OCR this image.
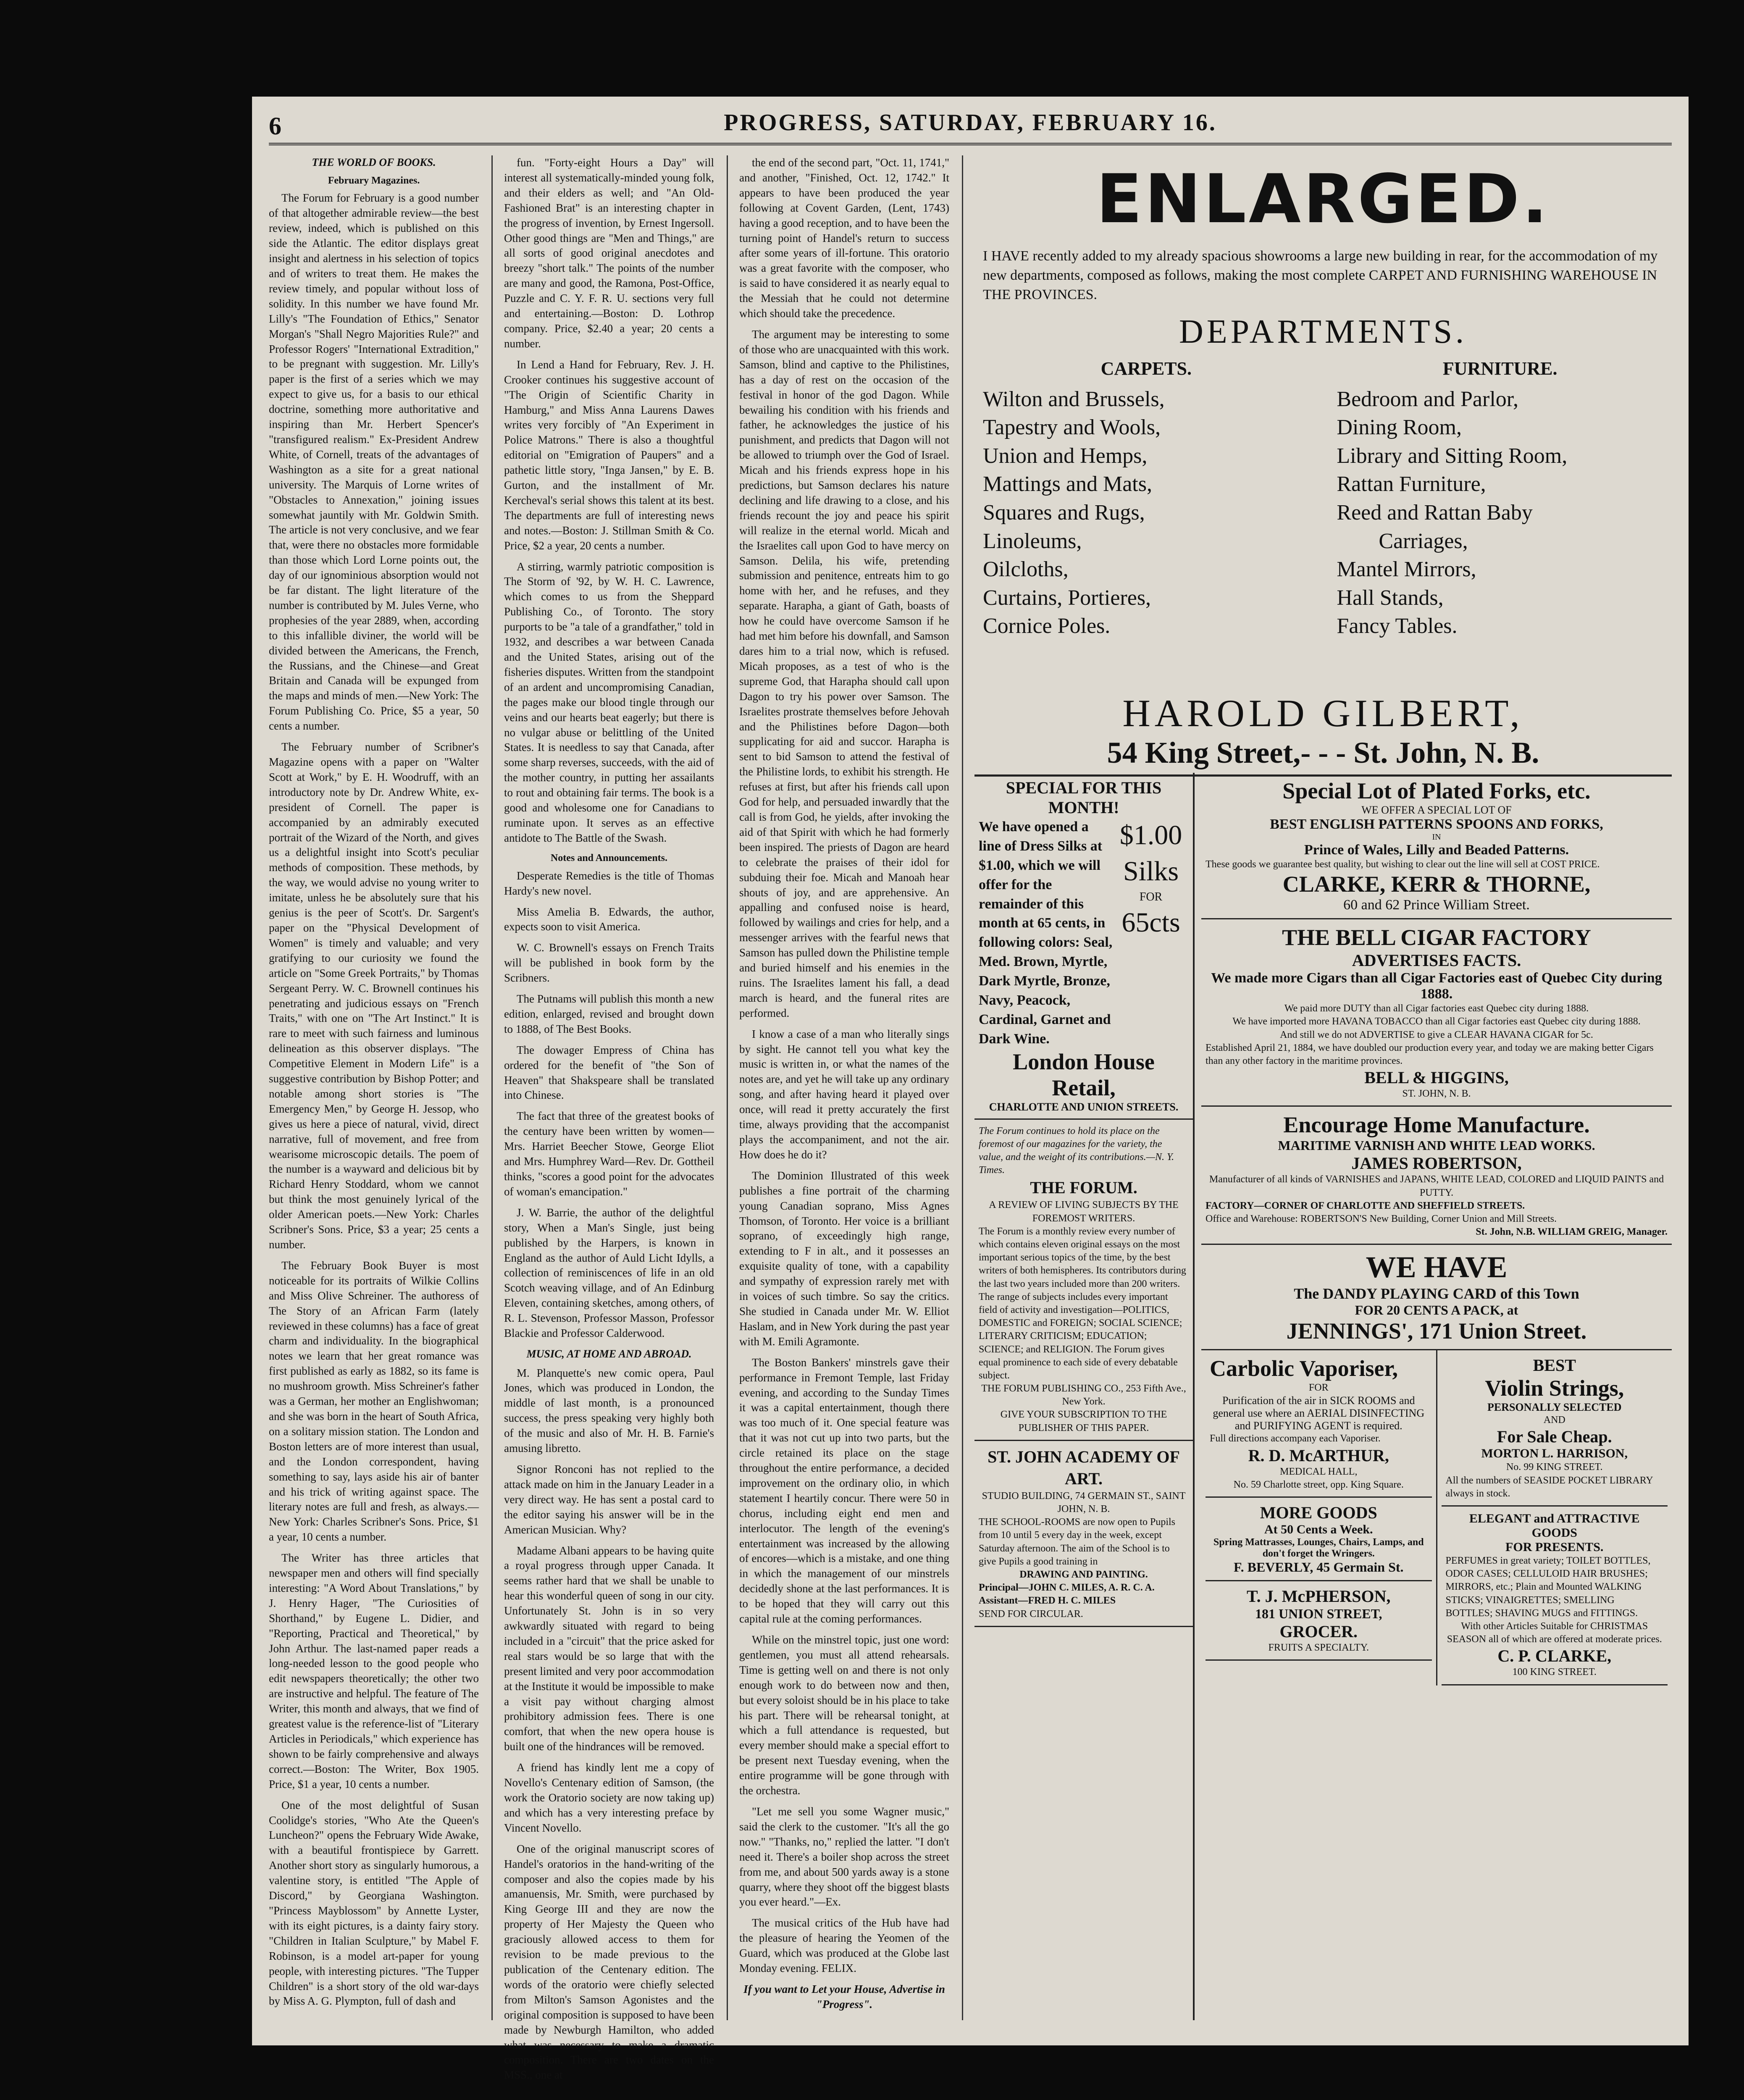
6	PROGRESS, SATURDAY, FEBRUARY 16.
THE WORLD OF BOOKS.
February Magazines.

The Forum for February is a good number of that altogether admirable review—the best review, indeed, which is published on this side the Atlantic. The editor displays great insight and alertness in his selection of topics and of writers to treat them. He makes the review timely, and popular without loss of solidity. In this number we have found Mr. Lilly's "The Foundation of Ethics," Senator Morgan's "Shall Negro Majorities Rule?" and Professor Rogers' "International Extradition," to be pregnant with suggestion. Mr. Lilly's paper is the first of a series which we may expect to give us, for a basis to our ethical doctrine, something more authoritative and inspiring than Mr. Herbert Spencer's "transfigured realism." Ex-President Andrew White, of Cornell, treats of the advantages of Washington as a site for a great national university. The Marquis of Lorne writes of "Obstacles to Annexation," joining issues somewhat jauntily with Mr. Goldwin Smith. The article is not very conclusive, and we fear that, were there no obstacles more formidable than those which Lord Lorne points out, the day of our ignominious absorption would not be far distant. The light literature of the number is contributed by M. Jules Verne, who prophesies of the year 2889, when, according to this infallible diviner, the world will be divided between the Americans, the French, the Russians, and the Chinese—and Great Britain and Canada will be expunged from the maps and minds of men.—New York: The Forum Publishing Co. Price, $5 a year, 50 cents a number.

The February number of Scribner's Magazine opens with a paper on "Walter Scott at Work," by E. H. Woodruff, with an introductory note by Dr. Andrew White, ex-president of Cornell. The paper is accompanied by an admirably executed portrait of the Wizard of the North, and gives us a delightful insight into Scott's peculiar methods of composition. These methods, by the way, we would advise no young writer to imitate, unless he be absolutely sure that his genius is the peer of Scott's. Dr. Sargent's paper on the "Physical Development of Women" is timely and valuable; and very gratifying to our curiosity we found the article on "Some Greek Portraits," by Thomas Sergeant Perry. W. C. Brownell continues his penetrating and judicious essays on "French Traits," with one on "The Art Instinct." It is rare to meet with such fairness and luminous delineation as this observer displays. "The Competitive Element in Modern Life" is a suggestive contribution by Bishop Potter; and notable among short stories is "The Emergency Men," by George H. Jessop, who gives us here a piece of natural, vivid, direct narrative, full of movement, and free from wearisome microscopic details. The poem of the number is a wayward and delicious bit by Richard Henry Stoddard, whom we cannot but think the most genuinely lyrical of the older American poets.—New York: Charles Scribner's Sons. Price, $3 a year; 25 cents a number.

The February Book Buyer is most noticeable for its portraits of Wilkie Collins and Miss Olive Schreiner. The authoress of The Story of an African Farm (lately reviewed in these columns) has a face of great charm and individuality. In the biographical notes we learn that her great romance was first published as early as 1882, so its fame is no mushroom growth. Miss Schreiner's father was a German, her mother an Englishwoman; and she was born in the heart of South Africa, on a solitary mission station. The London and Boston letters are of more interest than usual, and the London correspondent, having something to say, lays aside his air of banter and his trick of writing against space. The literary notes are full and fresh, as always.—New York: Charles Scribner's Sons. Price, $1 a year, 10 cents a number.

The Writer has three articles that newspaper men and others will find specially interesting: "A Word About Translations," by J. Henry Hager, "The Curiosities of Shorthand," by Eugene L. Didier, and "Reporting, Practical and Theoretical," by John Arthur. The last-named paper reads a long-needed lesson to the good people who edit newspapers theoretically; the other two are instructive and helpful. The feature of The Writer, this month and always, that we find of greatest value is the reference-list of "Literary Articles in Periodicals," which experience has shown to be fairly comprehensive and always correct.—Boston: The Writer, Box 1905. Price, $1 a year, 10 cents a number.

One of the most delightful of Susan Coolidge's stories, "Who Ate the Queen's Luncheon?" opens the February Wide Awake, with a beautiful frontispiece by Garrett. Another short story as singularly humorous, a valentine story, is entitled "The Apple of Discord," by Georgiana Washington. "Princess Mayblossom" by Annette Lyster, with its eight pictures, is a dainty fairy story. "Children in Italian Sculpture," by Mabel F. Robinson, is a model art-paper for young people, with interesting pictures. "The Tupper Children" is a short story of the old war-days by Miss A. G. Plympton, full of dash and

fun. "Forty-eight Hours a Day" will interest all systematically-minded young folk, and their elders as well; and "An Old-Fashioned Brat" is an interesting chapter in the progress of invention, by Ernest Ingersoll. Other good things are "Men and Things," are all sorts of good original anecdotes and breezy "short talk." The points of the number are many and good, the Ramona, Post-Office, Puzzle and C. Y. F. R. U. sections very full and entertaining.—Boston: D. Lothrop company. Price, $2.40 a year; 20 cents a number.

In Lend a Hand for February, Rev. J. H. Crooker continues his suggestive account of "The Origin of Scientific Charity in Hamburg," and Miss Anna Laurens Dawes writes very forcibly of "An Experiment in Police Matrons." There is also a thoughtful editorial on "Emigration of Paupers" and a pathetic little story, "Inga Jansen," by E. B. Gurton, and the installment of Mr. Kercheval's serial shows this talent at its best. The departments are full of interesting news and notes.—Boston: J. Stillman Smith & Co. Price, $2 a year, 20 cents a number.

A stirring, warmly patriotic composition is The Storm of '92, by W. H. C. Lawrence, which comes to us from the Sheppard Publishing Co., of Toronto. The story purports to be "a tale of a grandfather," told in 1932, and describes a war between Canada and the United States, arising out of the fisheries disputes. Written from the standpoint of an ardent and uncompromising Canadian, the pages make our blood tingle through our veins and our hearts beat eagerly; but there is no vulgar abuse or belittling of the United States. It is needless to say that Canada, after some sharp reverses, succeeds, with the aid of the mother country, in putting her assailants to rout and obtaining fair terms. The book is a good and wholesome one for Canadians to ruminate upon. It serves as an effective antidote to The Battle of the Swash.

Notes and Announcements.

Desperate Remedies is the title of Thomas Hardy's new novel.

Miss Amelia B. Edwards, the author, expects soon to visit America.

W. C. Brownell's essays on French Traits will be published in book form by the Scribners.

The Putnams will publish this month a new edition, enlarged, revised and brought down to 1888, of The Best Books.

The dowager Empress of China has ordered for the benefit of "the Son of Heaven" that Shakspeare shall be translated into Chinese.

The fact that three of the greatest books of the century have been written by women—Mrs. Harriet Beecher Stowe, George Eliot and Mrs. Humphrey Ward—Rev. Dr. Gottheil thinks, "scores a good point for the advocates of woman's emancipation."

J. W. Barrie, the author of the delightful story, When a Man's Single, just being published by the Harpers, is known in England as the author of Auld Licht Idylls, a collection of reminiscences of life in an old Scotch weaving village, and of An Edinburg Eleven, containing sketches, among others, of R. L. Stevenson, Professor Masson, Professor Blackie and Professor Calderwood.

MUSIC, AT HOME AND ABROAD.

M. Planquette's new comic opera, Paul Jones, which was produced in London, the middle of last month, is a pronounced success, the press speaking very highly both of the music and also of Mr. H. B. Farnie's amusing libretto.

Signor Ronconi has not replied to the attack made on him in the January Leader in a very direct way. He has sent a postal card to the editor saying his answer will be in the American Musician. Why?

Madame Albani appears to be having quite a royal progress through upper Canada. It seems rather hard that we shall be unable to hear this wonderful queen of song in our city. Unfortunately St. John is in so very awkwardly situated with regard to being included in a "circuit" that the price asked for real stars would be so large that with the present limited and very poor accommodation at the Institute it would be impossible to make a visit pay without charging almost prohibitory admission fees. There is one comfort, that when the new opera house is built one of the hindrances will be removed.

A friend has kindly lent me a copy of Novello's Centenary edition of Samson, (the work the Oratorio society are now taking up) and which has a very interesting preface by Vincent Novello.

One of the original manuscript scores of Handel's oratorios in the hand-writing of the composer and also the copies made by his amanuensis, Mr. Smith, were purchased by King George III and they are now the property of Her Majesty the Queen who graciously allowed access to them for revision to be made previous to the publication of the Centenary edition. The words of the oratorio were chiefly selected from Milton's Samson Agonistes and the original composition is supposed to have been made by Newburgh Hamilton, who added what was necessary to make a dramatic composition. There are two dates on the MSS., one at

the end of the second part, "Oct. 11, 1741," and another, "Finished, Oct. 12, 1742." It appears to have been produced the year following at Covent Garden, (Lent, 1743) having a good reception, and to have been the turning point of Handel's return to success after some years of ill-fortune. This oratorio was a great favorite with the composer, who is said to have considered it as nearly equal to the Messiah that he could not determine which should take the precedence.

The argument may be interesting to some of those who are unacquainted with this work. Samson, blind and captive to the Philistines, has a day of rest on the occasion of the festival in honor of the god Dagon. While bewailing his condition with his friends and father, he acknowledges the justice of his punishment, and predicts that Dagon will not be allowed to triumph over the God of Israel. Micah and his friends express hope in his predictions, but Samson declares his nature declining and life drawing to a close, and his friends recount the joy and peace his spirit will realize in the eternal world. Micah and the Israelites call upon God to have mercy on Samson. Delila, his wife, pretending submission and penitence, entreats him to go home with her, and he refuses, and they separate. Harapha, a giant of Gath, boasts of how he could have overcome Samson if he had met him before his downfall, and Samson dares him to a trial now, which is refused. Micah proposes, as a test of who is the supreme God, that Harapha should call upon Dagon to try his power over Samson. The Israelites prostrate themselves before Jehovah and the Philistines before Dagon—both supplicating for aid and succor. Harapha is sent to bid Samson to attend the festival of the Philistine lords, to exhibit his strength. He refuses at first, but after his friends call upon God for help, and persuaded inwardly that the call is from God, he yields, after invoking the aid of that Spirit with which he had formerly been inspired. The priests of Dagon are heard to celebrate the praises of their idol for subduing their foe. Micah and Manoah hear shouts of joy, and are apprehensive. An appalling and confused noise is heard, followed by wailings and cries for help, and a messenger arrives with the fearful news that Samson has pulled down the Philistine temple and buried himself and his enemies in the ruins. The Israelites lament his fall, a dead march is heard, and the funeral rites are performed.

I know a case of a man who literally sings by sight. He cannot tell you what key the music is written in, or what the names of the notes are, and yet he will take up any ordinary song, and after having heard it played over once, will read it pretty accurately the first time, always providing that the accompanist plays the accompaniment, and not the air. How does he do it?

The Dominion Illustrated of this week publishes a fine portrait of the charming young Canadian soprano, Miss Agnes Thomson, of Toronto. Her voice is a brilliant soprano, of exceedingly high range, extending to F in alt., and it possesses an exquisite quality of tone, with a capability and sympathy of expression rarely met with in voices of such timbre. So say the critics. She studied in Canada under Mr. W. Elliot Haslam, and in New York during the past year with M. Emili Agramonte.

The Boston Bankers' minstrels gave their performance in Fremont Temple, last Friday evening, and according to the Sunday Times it was a capital entertainment, though there was too much of it. One special feature was that it was not cut up into two parts, but the circle retained its place on the stage throughout the entire performance, a decided improvement on the ordinary olio, in which statement I heartily concur. There were 50 in chorus, including eight end men and interlocutor. The length of the evening's entertainment was increased by the allowing of encores—which is a mistake, and one thing in which the management of our minstrels decidedly shone at the last performances. It is to be hoped that they will carry out this capital rule at the coming performances.

While on the minstrel topic, just one word: gentlemen, you must all attend rehearsals. Time is getting well on and there is not only enough work to do between now and then, but every soloist should be in his place to take his part. There will be rehearsal tonight, at which a full attendance is requested, but every member should make a special effort to be present next Tuesday evening, when the entire programme will be gone through with the orchestra.

"Let me sell you some Wagner music," said the clerk to the customer. "It's all the go now." "Thanks, no," replied the latter. "I don't need it. There's a boiler shop across the street from me, and about 500 yards away is a stone quarry, where they shoot off the biggest blasts you ever heard."—Ex.

The musical critics of the Hub have had the pleasure of hearing the Yeomen of the Guard, which was produced at the Globe last Monday evening. FELIX.

If you want to Let your House, Advertise in "Progress".

ENLARGED.
I HAVE recently added to my already spacious showrooms a large new building in rear, for the accommodation of my new departments, composed as follows, making the most complete CARPET AND FURNISHING WAREHOUSE IN THE PROVINCES.
DEPARTMENTS.
CARPETS.
Wilton and Brussels,
Tapestry and Wools,
Union and Hemps,
Mattings and Mats,
Squares and Rugs,
Linoleums,
Oilcloths,
Curtains, Portieres,
Cornice Poles.
FURNITURE.
Bedroom and Parlor,
Dining Room,
Library and Sitting Room,
Rattan Furniture,
Reed and Rattan Baby
Carriages,
Mantel Mirrors,
Hall Stands,
Fancy Tables.
HAROLD GILBERT,
54 King Street,- - - St. John, N. B.
SPECIAL FOR THIS MONTH!
We have opened a line of Dress Silks at $1.00, which we will offer for the remainder of this month at 65 cents, in following colors: Seal, Med. Brown, Myrtle, Dark Myrtle, Bronze, Navy, Peacock, Cardinal, Garnet and Dark Wine.
$1.00
Silks
FOR
65cts
London House Retail,
CHARLOTTE AND UNION STREETS.
The Forum continues to hold its place on the foremost of our magazines for the variety, the value, and the weight of its contributions.—N. Y. Times.
THE FORUM.
A REVIEW OF LIVING SUBJECTS BY THE FOREMOST WRITERS.
The Forum is a monthly review every number of which contains eleven original essays on the most important serious topics of the time, by the best writers of both hemispheres. Its contributors during the last two years included more than 200 writers. The range of subjects includes every important field of activity and investigation—POLITICS, DOMESTIC and FOREIGN; SOCIAL SCIENCE; LITERARY CRITICISM; EDUCATION; SCIENCE; and RELIGION. The Forum gives equal prominence to each side of every debatable subject.
THE FORUM PUBLISHING CO., 253 Fifth Ave., New York.
GIVE YOUR SUBSCRIPTION TO THE PUBLISHER OF THIS PAPER.
ST. JOHN ACADEMY OF ART.
STUDIO BUILDING, 74 GERMAIN ST., SAINT JOHN, N. B.
THE SCHOOL-ROOMS are now open to Pupils from 10 until 5 every day in the week, except Saturday afternoon. The aim of the School is to give Pupils a good training in
DRAWING AND PAINTING.
Principal—JOHN C. MILES, A. R. C. A.
Assistant—FRED H. C. MILES
SEND FOR CIRCULAR.
Special Lot of Plated Forks, etc.
WE OFFER A SPECIAL LOT OF
BEST ENGLISH PATTERNS SPOONS AND FORKS,
IN
Prince of Wales, Lilly and Beaded Patterns.
These goods we guarantee best quality, but wishing to clear out the line will sell at COST PRICE.
CLARKE, KERR & THORNE,
60 and 62 Prince William Street.
THE BELL CIGAR FACTORY
ADVERTISES FACTS.
We made more Cigars than all Cigar Factories east of Quebec City during 1888.
We paid more DUTY than all Cigar factories east Quebec city during 1888.
We have imported more HAVANA TOBACCO than all Cigar factories east Quebec city during 1888.
And still we do not ADVERTISE to give a CLEAR HAVANA CIGAR for 5c.
Established April 21, 1884, we have doubled our production every year, and today we are making better Cigars than any other factory in the maritime provinces.
BELL & HIGGINS,
ST. JOHN, N. B.
Encourage Home Manufacture.
MARITIME VARNISH AND WHITE LEAD WORKS.
JAMES ROBERTSON,
Manufacturer of all kinds of VARNISHES and JAPANS, WHITE LEAD, COLORED and LIQUID PAINTS and PUTTY.
FACTORY—CORNER OF CHARLOTTE AND SHEFFIELD STREETS.
Office and Warehouse: ROBERTSON'S New Building, Corner Union and Mill Streets.
St. John, N.B. WILLIAM GREIG, Manager.
WE HAVE
The DANDY PLAYING CARD of this Town
FOR 20 CENTS A PACK, at
JENNINGS', 171 Union Street.
Carbolic Vaporiser,
FOR
Purification of the air in SICK ROOMS and general use where an AERIAL DISINFECTING and PURIFYING AGENT is required.
Full directions accompany each Vaporiser.
R. D. McARTHUR,
MEDICAL HALL,
No. 59 Charlotte street, opp. King Square.
MORE GOODS
At 50 Cents a Week.
Spring Mattrasses, Lounges, Chairs, Lamps, and don't forget the Wringers.
F. BEVERLY, 45 Germain St.
T. J. McPHERSON,
181 UNION STREET,
GROCER.
FRUITS A SPECIALTY.
BEST
Violin Strings,
PERSONALLY SELECTED
AND
For Sale Cheap.
MORTON L. HARRISON,
No. 99 KING STREET.
All the numbers of SEASIDE POCKET LIBRARY always in stock.
ELEGANT and ATTRACTIVE GOODS
FOR PRESENTS.
PERFUMES in great variety; TOILET BOTTLES, ODOR CASES; CELLULOID HAIR BRUSHES; MIRRORS, etc.; Plain and Mounted WALKING STICKS; VINAIGRETTES; SMELLING BOTTLES; SHAVING MUGS and FITTINGS.
With other Articles Suitable for CHRISTMAS SEASON all of which are offered at moderate prices.
C. P. CLARKE,
100 KING STREET.
